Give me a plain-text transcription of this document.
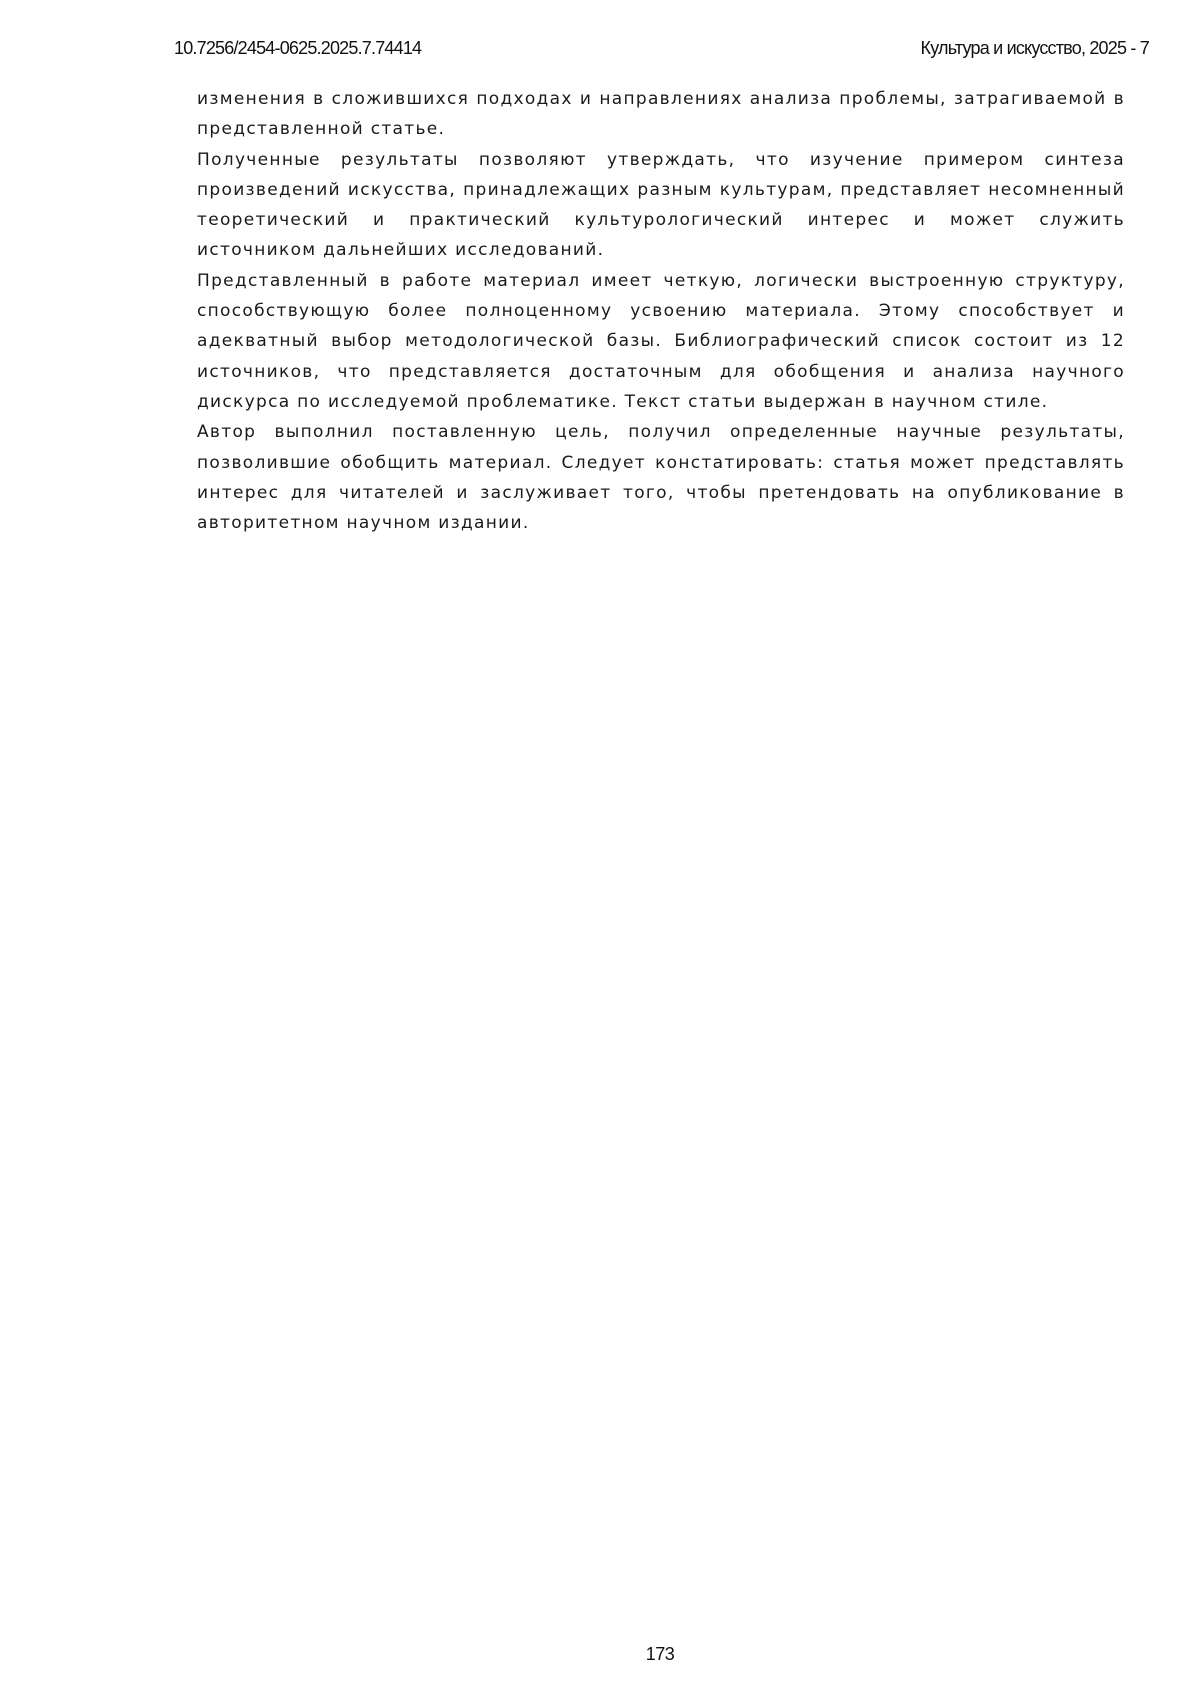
10.7256/2454-0625.2025.7.74414	Культура и искусство, 2025 - 7

изменения в сложившихся подходах и направлениях анализа проблемы, затрагиваемой в представленной статье.

Полученные результаты позволяют утверждать, что изучение примером синтеза произведений искусства, принадлежащих разным культурам, представляет несомненный теоретический и практический культурологический интерес и может служить источником дальнейших исследований.

Представленный в работе материал имеет четкую, логически выстроенную структуру, способствующую более полноценному усвоению материала. Этому способствует и адекватный выбор методологической базы. Библиографический список состоит из 12 источников, что представляется достаточным для обобщения и анализа научного дискурса по исследуемой проблематике. Текст статьи выдержан в научном стиле.

Автор выполнил поставленную цель, получил определенные научные результаты, позволившие обобщить материал. Следует констатировать: статья может представлять интерес для читателей и заслуживает того, чтобы претендовать на опубликование в авторитетном научном издании.

173
